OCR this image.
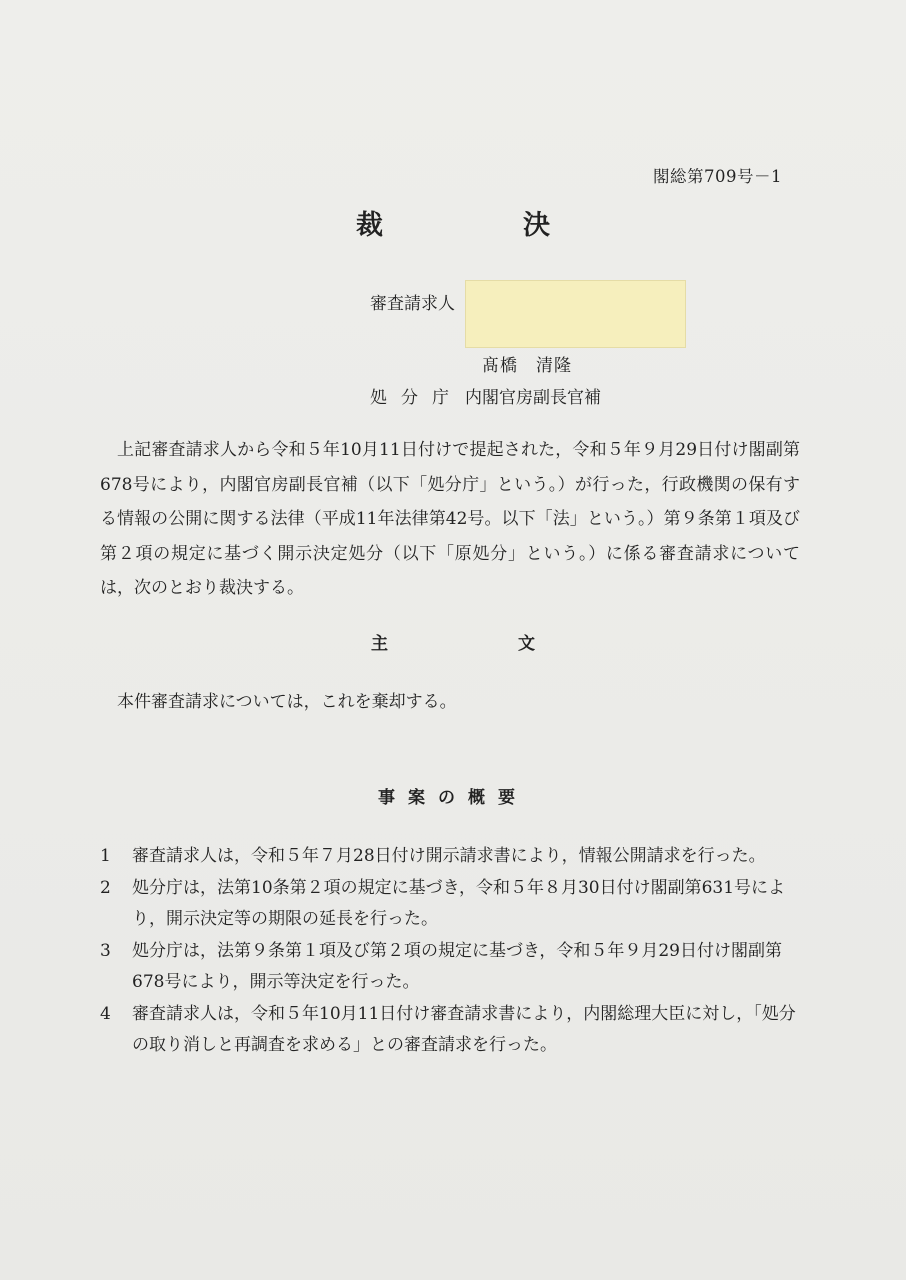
閣総第709号－1
裁	決
審査請求人
髙橋　清隆
処分庁 内閣官房副長官補
上記審査請求人から令和５年10月11日付けで提起された，令和５年９月29日付け閣副第678号により，内閣官房副長官補（以下「処分庁」という。）が行った，行政機関の保有する情報の公開に関する法律（平成11年法律第42号。以下「法」という。）第９条第１項及び第２項の規定に基づく開示決定処分（以下「原処分」という。）に係る審査請求については，次のとおり裁決する。
主	文
本件審査請求については，これを棄却する。
事案の概要
1	審査請求人は，令和５年７月28日付け開示請求書により，情報公開請求を行った。
2	処分庁は，法第10条第２項の規定に基づき，令和５年８月30日付け閣副第631号により，開示決定等の期限の延長を行った。
3	処分庁は，法第９条第１項及び第２項の規定に基づき，令和５年９月29日付け閣副第678号により，開示等決定を行った。
4	審査請求人は，令和５年10月11日付け審査請求書により，内閣総理大臣に対し，「処分の取り消しと再調査を求める」との審査請求を行った。
